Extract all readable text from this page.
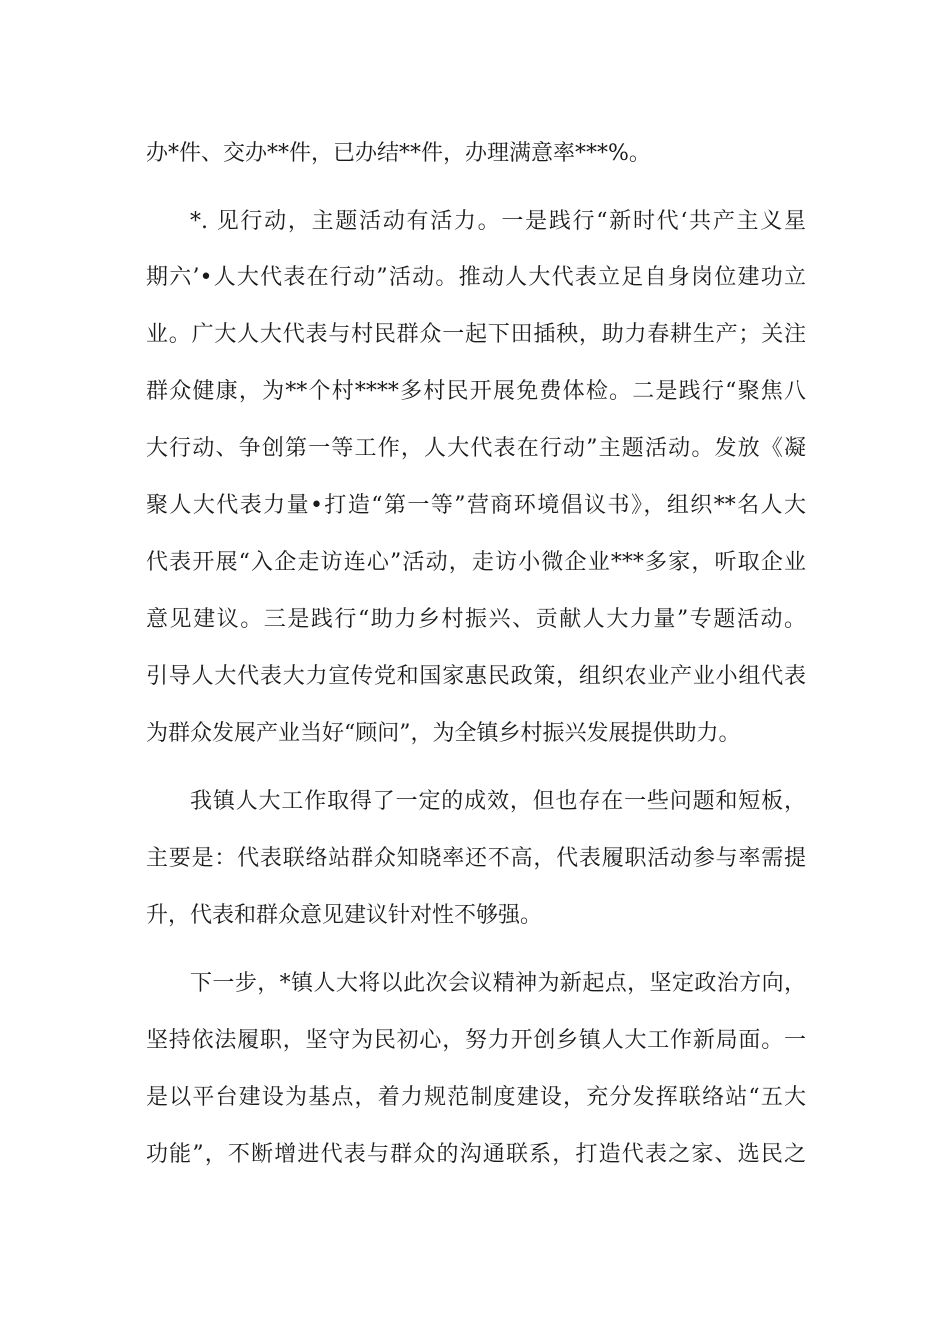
办*件、交办**件，已办结**件，办理满意率***%。
*. 见行动，主题活动有活力。一是践行“新时代‘共产主义星
期六’•人大代表在行动”活动。推动人大代表立足自身岗位建功立
业。广大人大代表与村民群众一起下田插秧，助力春耕生产；关注
群众健康，为**个村****多村民开展免费体检。二是践行“聚焦八
大行动、争创第一等工作，人大代表在行动”主题活动。发放《凝
聚人大代表力量•打造“第一等”营商环境倡议书》，组织**名人大
代表开展“入企走访连心”活动，走访小微企业***多家，听取企业
意见建议。三是践行“助力乡村振兴、贡献人大力量”专题活动。
引导人大代表大力宣传党和国家惠民政策，组织农业产业小组代表
为群众发展产业当好“顾问”，为全镇乡村振兴发展提供助力。
我镇人大工作取得了一定的成效，但也存在一些问题和短板，
主要是：代表联络站群众知晓率还不高，代表履职活动参与率需提
升，代表和群众意见建议针对性不够强。
下一步，*镇人大将以此次会议精神为新起点，坚定政治方向，
坚持依法履职，坚守为民初心，努力开创乡镇人大工作新局面。一
是以平台建设为基点，着力规范制度建设，充分发挥联络站“五大
功能”，不断增进代表与群众的沟通联系，打造代表之家、选民之
